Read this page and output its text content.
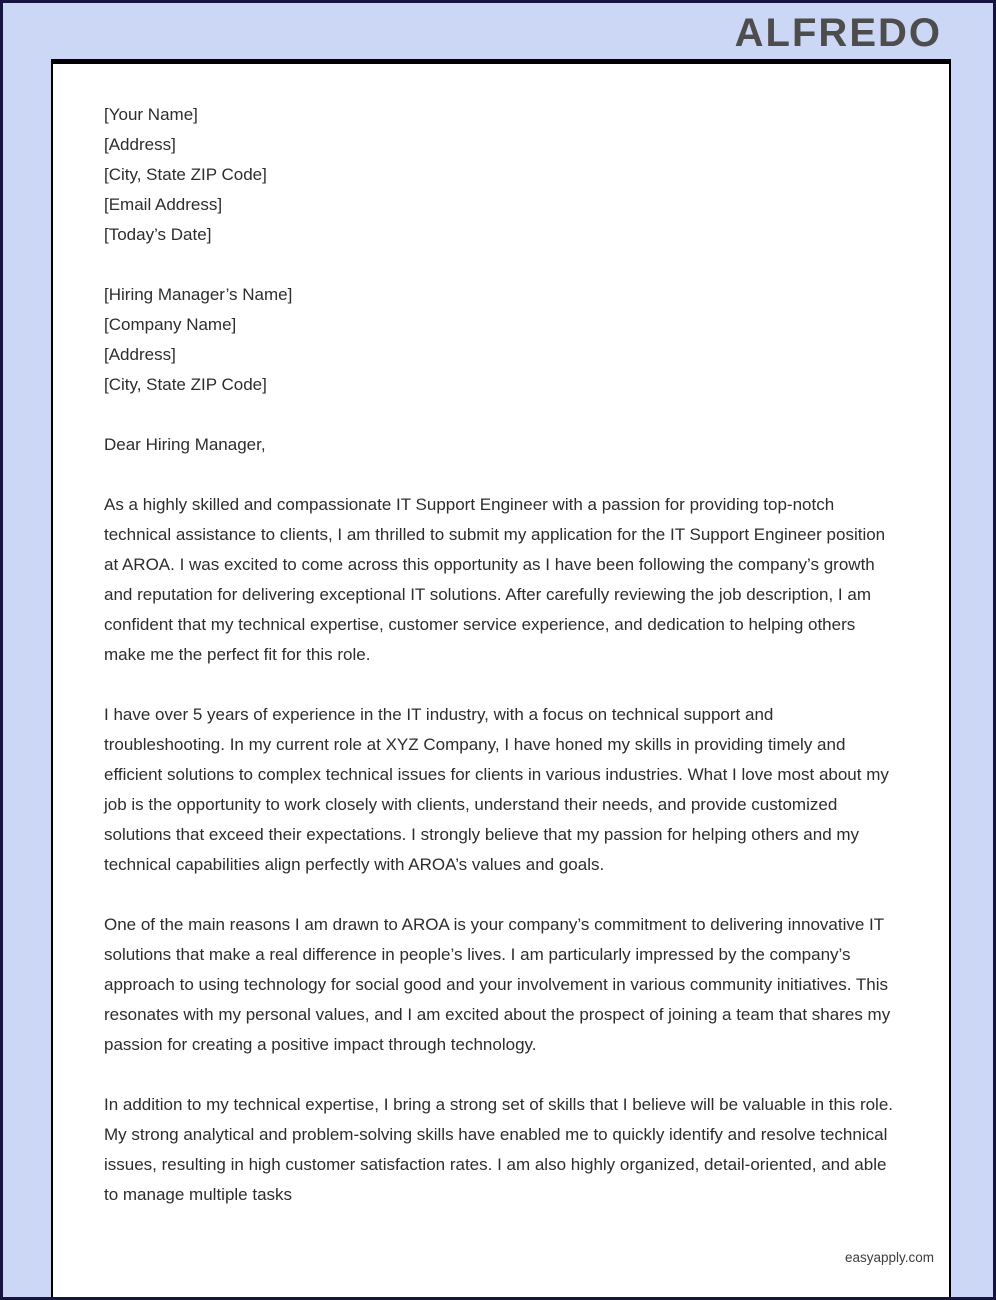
ALFREDO
[Your Name]
[Address]
[City, State ZIP Code]
[Email Address]
[Today’s Date]
[Hiring Manager’s Name]
[Company Name]
[Address]
[City, State ZIP Code]
Dear Hiring Manager,
As a highly skilled and compassionate IT Support Engineer with a passion for providing top-notch technical assistance to clients, I am thrilled to submit my application for the IT Support Engineer position at AROA. I was excited to come across this opportunity as I have been following the company’s growth and reputation for delivering exceptional IT solutions. After carefully reviewing the job description, I am confident that my technical expertise, customer service experience, and dedication to helping others make me the perfect fit for this role.
I have over 5 years of experience in the IT industry, with a focus on technical support and troubleshooting. In my current role at XYZ Company, I have honed my skills in providing timely and efficient solutions to complex technical issues for clients in various industries. What I love most about my job is the opportunity to work closely with clients, understand their needs, and provide customized solutions that exceed their expectations. I strongly believe that my passion for helping others and my technical capabilities align perfectly with AROA’s values and goals.
One of the main reasons I am drawn to AROA is your company’s commitment to delivering innovative IT solutions that make a real difference in people’s lives. I am particularly impressed by the company’s approach to using technology for social good and your involvement in various community initiatives. This resonates with my personal values, and I am excited about the prospect of joining a team that shares my passion for creating a positive impact through technology.
In addition to my technical expertise, I bring a strong set of skills that I believe will be valuable in this role. My strong analytical and problem-solving skills have enabled me to quickly identify and resolve technical issues, resulting in high customer satisfaction rates. I am also highly organized, detail-oriented, and able to manage multiple tasks
easyapply.com
